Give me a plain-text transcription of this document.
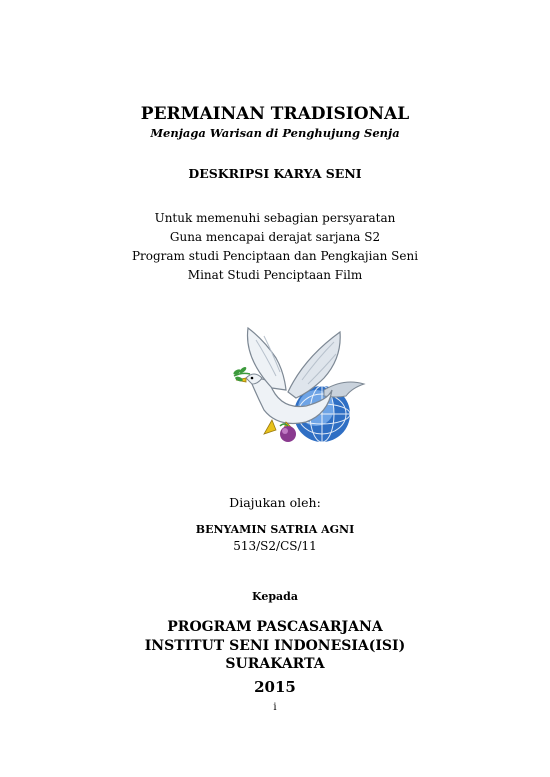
PERMAINAN TRADISIONAL
Menjaga Warisan di Penghujung Senja
DESKRIPSI KARYA SENI
Untuk memenuhi sebagian persyaratan
Guna mencapai derajat sarjana S2
Program studi Penciptaan dan Pengkajian Seni
Minat Studi Penciptaan Film
Diajukan oleh:
BENYAMIN SATRIA AGNI
513/S2/CS/11
Kepada
PROGRAM PASCASARJANA
INSTITUT SENI INDONESIA(ISI)
SURAKARTA
2015
i
